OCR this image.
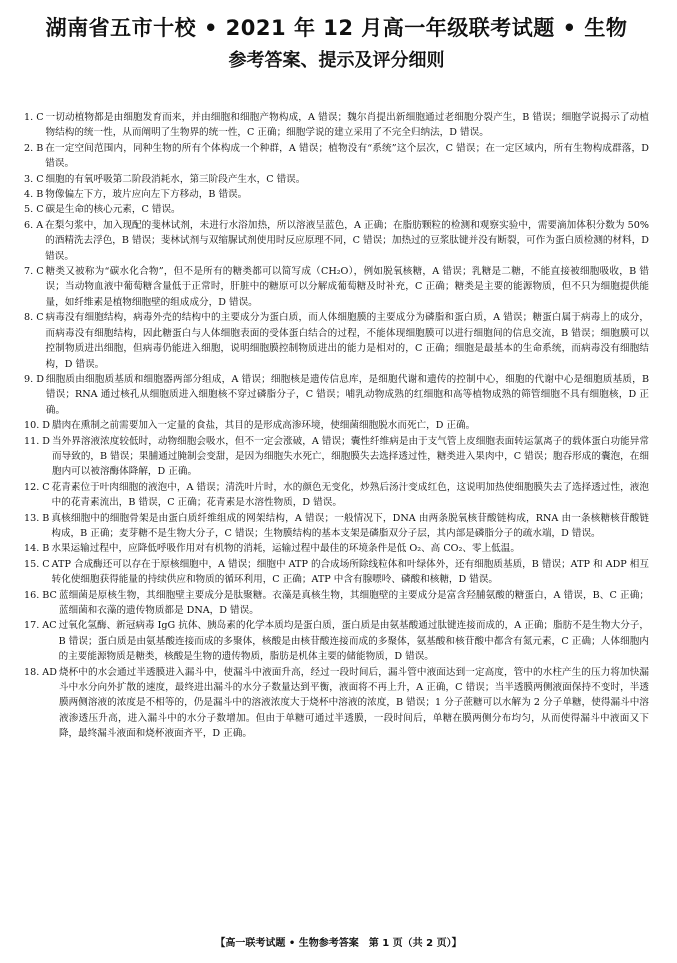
湖南省五市十校 • 2021 年 12 月高一年级联考试题 • 生物
参考答案、提示及评分细则
1. C 一切动植物都是由细胞发育而来，并由细胞和细胞产物构成，A 错误；魏尔肖提出新细胞通过老细胞分裂产生，B 错误；细胞学说揭示了动植物结构的统一性，从而阐明了生物界的统一性，C 正确；细胞学说的建立采用了不完全归纳法，D 错误。
2. B 在一定空间范围内，同种生物的所有个体构成一个种群，A 错误；植物没有“系统”这个层次，C 错误；在一定区域内，所有生物构成群落，D 错误。
3. C 细胞的有氧呼吸第二阶段消耗水，第三阶段产生水，C 错误。
4. B 物像偏左下方，玻片应向左下方移动，B 错误。
5. C 碳是生命的核心元素，C 错误。
6. A 在梨匀浆中，加入现配的斐林试剂，未进行水浴加热，所以溶液呈蓝色，A 正确；在脂肪颗粒的检测和观察实验中，需要滴加体积分数为 50% 的酒精洗去浮色，B 错误；斐林试剂与双缩脲试剂使用时反应原理不同，C 错误；加热过的豆浆肽键并没有断裂，可作为蛋白质检测的材料，D 错误。
7. C 糖类又被称为“碳水化合物”，但不是所有的糖类都可以简写成（CH₂O），例如脱氧核糖，A 错误；乳糖是二糖，不能直接被细胞吸收，B 错误；当动物血液中葡萄糖含量低于正常时，肝脏中的糖原可以分解成葡萄糖及时补充，C 正确；糖类是主要的能源物质，但不只为细胞提供能量，如纤维素是植物细胞壁的组成成分，D 错误。
8. C 病毒没有细胞结构，病毒外壳的结构中的主要成分为蛋白质，而人体细胞膜的主要成分为磷脂和蛋白质，A 错误；糖蛋白属于病毒上的成分，而病毒没有细胞结构，因此糖蛋白与人体细胞表面的受体蛋白结合的过程，不能体现细胞膜可以进行细胞间的信息交流，B 错误；细胞膜可以控制物质进出细胞，但病毒仍能进入细胞，说明细胞膜控制物质进出的能力是相对的，C 正确；细胞是最基本的生命系统，而病毒没有细胞结构，D 错误。
9. D 细胞质由细胞质基质和细胞器两部分组成，A 错误；细胞核是遗传信息库，是细胞代谢和遗传的控制中心，细胞的代谢中心是细胞质基质，B 错误；RNA 通过核孔从细胞质进入细胞核不穿过磷脂分子，C 错误；哺乳动物成熟的红细胞和高等植物成熟的筛管细胞不具有细胞核，D 正确。
10. D 腊肉在熏制之前需要加入一定量的食盐，其目的是形成高渗环境，使细菌细胞脱水而死亡，D 正确。
11. D 当外界溶液浓度较低时，动物细胞会吸水，但不一定会涨破，A 错误；囊性纤维病是由于支气管上皮细胞表面转运氯离子的载体蛋白功能异常而导致的，B 错误；果脯通过腌制会变甜，是因为细胞失水死亡，细胞膜失去选择透过性，糖类进入果肉中，C 错误；胞吞形成的囊泡，在细胞内可以被溶酶体降解，D 正确。
12. C 花青素位于叶肉细胞的液泡中，A 错误；清洗叶片时，水的颜色无变化，炒熟后汤汁变成红色，这说明加热使细胞膜失去了选择透过性，液泡中的花青素流出，B 错误，C 正确；花青素是水溶性物质，D 错误。
13. B 真核细胞中的细胞骨架是由蛋白质纤维组成的网架结构，A 错误；一般情况下，DNA 由两条脱氧核苷酸链构成，RNA 由一条核糖核苷酸链构成，B 正确；麦芽糖不是生物大分子，C 错误；生物膜结构的基本支架是磷脂双分子层，其内部是磷脂分子的疏水端，D 错误。
14. B 水果运输过程中，应降低呼吸作用对有机物的消耗，运输过程中最佳的环境条件是低 O₂、高 CO₂、零上低温。
15. C ATP 合成酶还可以存在于原核细胞中，A 错误；细胞中 ATP 的合成场所除线粒体和叶绿体外，还有细胞质基质，B 错误；ATP 和 ADP 相互转化使细胞获得能量的持续供应和物质的循环利用，C 正确；ATP 中含有腺嘌呤、磷酸和核糖，D 错误。
16. BC 蓝细菌是原核生物，其细胞壁主要成分是肽聚糖。衣藻是真核生物，其细胞壁的主要成分是富含羟脯氨酸的糖蛋白，A 错误，B、C 正确；蓝细菌和衣藻的遗传物质都是 DNA，D 错误。
17. AC 过氧化氢酶、新冠病毒 IgG 抗体、胰岛素的化学本质均是蛋白质，蛋白质是由氨基酸通过肽键连接而成的，A 正确；脂肪不是生物大分子，B 错误；蛋白质是由氨基酸连接而成的多聚体，核酸是由核苷酸连接而成的多聚体，氨基酸和核苷酸中都含有氮元素，C 正确；人体细胞内的主要能源物质是糖类，核酸是生物的遗传物质，脂肪是机体主要的储能物质，D 错误。
18. AD 烧杯中的水会通过半透膜进入漏斗中，使漏斗中液面升高，经过一段时间后，漏斗管中液面达到一定高度，管中的水柱产生的压力将加快漏斗中水分向外扩散的速度，最终进出漏斗的水分子数量达到平衡，液面将不再上升，A 正确，C 错误；当半透膜两侧液面保持不变时，半透膜两侧溶液的浓度是不相等的，仍是漏斗中的溶液浓度大于烧杯中溶液的浓度，B 错误；1 分子蔗糖可以水解为 2 分子单糖，使得漏斗中溶液渗透压升高，进入漏斗中的水分子数增加。但由于单糖可通过半透膜，一段时间后，单糖在膜两侧分布均匀，从而使得漏斗中液面又下降，最终漏斗液面和烧杯液面齐平，D 正确。
【高一联考试题 • 生物参考答案　第 1 页（共 2 页）】
